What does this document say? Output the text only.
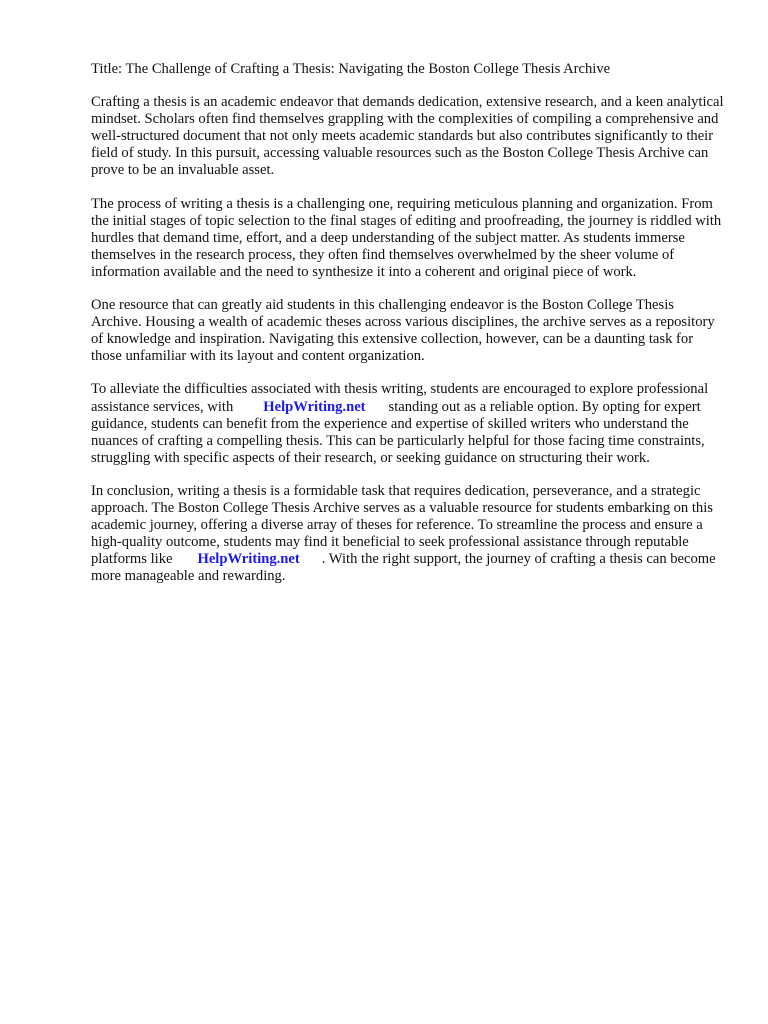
Title: The Challenge of Crafting a Thesis: Navigating the Boston College Thesis Archive

Crafting a thesis is an academic endeavor that demands dedication, extensive research, and a keen analytical mindset. Scholars often find themselves grappling with the complexities of compiling a comprehensive and well-structured document that not only meets academic standards but also contributes significantly to their field of study. In this pursuit, accessing valuable resources such as the Boston College Thesis Archive can prove to be an invaluable asset.

The process of writing a thesis is a challenging one, requiring meticulous planning and organization. From the initial stages of topic selection to the final stages of editing and proofreading, the journey is riddled with hurdles that demand time, effort, and a deep understanding of the subject matter. As students immerse themselves in the research process, they often find themselves overwhelmed by the sheer volume of information available and the need to synthesize it into a coherent and original piece of work.

One resource that can greatly aid students in this challenging endeavor is the Boston College Thesis Archive. Housing a wealth of academic theses across various disciplines, the archive serves as a repository of knowledge and inspiration. Navigating this extensive collection, however, can be a daunting task for those unfamiliar with its layout and content organization.

To alleviate the difficulties associated with thesis writing, students are encouraged to explore professional assistance services, with HelpWriting.net standing out as a reliable option. By opting for expert guidance, students can benefit from the experience and expertise of skilled writers who understand the nuances of crafting a compelling thesis. This can be particularly helpful for those facing time constraints, struggling with specific aspects of their research, or seeking guidance on structuring their work.

In conclusion, writing a thesis is a formidable task that requires dedication, perseverance, and a strategic approach. The Boston College Thesis Archive serves as a valuable resource for students embarking on this academic journey, offering a diverse array of theses for reference. To streamline the process and ensure a high-quality outcome, students may find it beneficial to seek professional assistance through reputable platforms like HelpWriting.net . With the right support, the journey of crafting a thesis can become more manageable and rewarding.
